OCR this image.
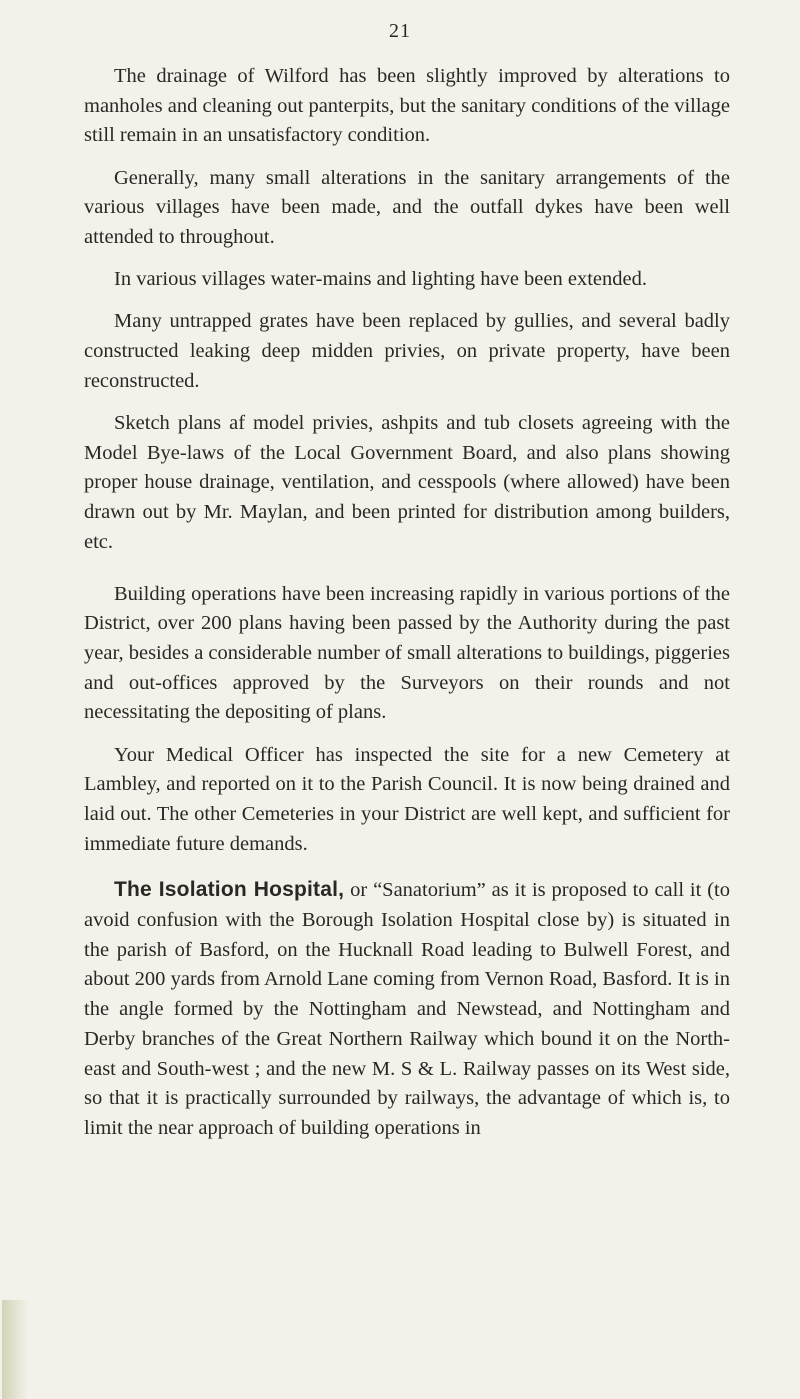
21

The drainage of Wilford has been slightly improved by alterations to manholes and cleaning out panterpits, but the sanitary conditions of the village still remain in an unsatisfactory condition.

Generally, many small alterations in the sanitary arrangements of the various villages have been made, and the outfall dykes have been well attended to throughout.

In various villages water-mains and lighting have been extended.

Many untrapped grates have been replaced by gullies, and several badly constructed leaking deep midden privies, on private property, have been reconstructed.

Sketch plans af model privies, ashpits and tub closets agreeing with the Model Bye-laws of the Local Government Board, and also plans showing proper house drainage, ventilation, and cesspools (where allowed) have been drawn out by Mr. Maylan, and been printed for distribution among builders, etc.

Building operations have been increasing rapidly in various portions of the District, over 200 plans having been passed by the Authority during the past year, besides a considerable number of small alterations to buildings, piggeries and out-offices approved by the Surveyors on their rounds and not necessitating the depositing of plans.

Your Medical Officer has inspected the site for a new Cemetery at Lambley, and reported on it to the Parish Council. It is now being drained and laid out. The other Cemeteries in your District are well kept, and sufficient for immediate future demands.

The Isolation Hospital, or “Sanatorium” as it is proposed to call it (to avoid confusion with the Borough Isolation Hospital close by) is situated in the parish of Basford, on the Hucknall Road leading to Bulwell Forest, and about 200 yards from Arnold Lane coming from Vernon Road, Basford. It is in the angle formed by the Nottingham and Newstead, and Nottingham and Derby branches of the Great Northern Railway which bound it on the North-east and South-west ; and the new M. S & L. Railway passes on its West side, so that it is practically surrounded by railways, the advantage of which is, to limit the near approach of building operations in
